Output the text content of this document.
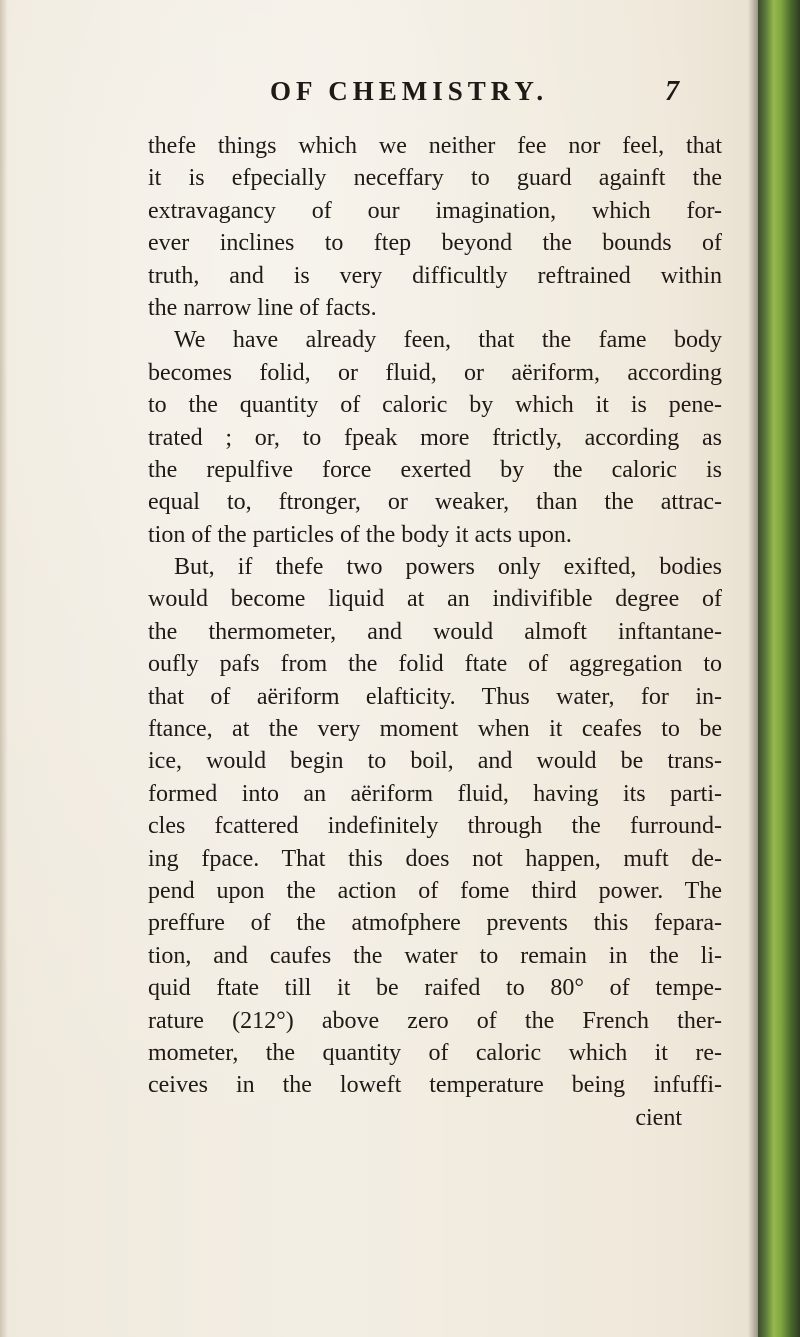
OF CHEMISTRY.	7
thefe things which we neither fee nor feel, that
it is efpecially neceffary to guard againft the
extravagancy of our imagination, which for-
ever inclines to ftep beyond the bounds of
truth, and is very difficultly reftrained within
the narrow line of facts.
We have already feen, that the fame body
becomes folid, or fluid, or aëriform, according
to the quantity of caloric by which it is pene-
trated ; or, to fpeak more ftrictly, according as
the repulfive force exerted by the caloric is
equal to, ftronger, or weaker, than the attrac-
tion of the particles of the body it acts upon.
But, if thefe two powers only exifted, bodies
would become liquid at an indivifible degree of
the thermometer, and would almoft inftantane-
oufly pafs from the folid ftate of aggregation to
that of aëriform elafticity. Thus water, for in-
ftance, at the very moment when it ceafes to be
ice, would begin to boil, and would be trans-
formed into an aëriform fluid, having its parti-
cles fcattered indefinitely through the furround-
ing fpace. That this does not happen, muft de-
pend upon the action of fome third power. The
preffure of the atmofphere prevents this fepara-
tion, and caufes the water to remain in the li-
quid ftate till it be raifed to 80° of tempe-
rature (212°) above zero of the French ther-
mometer, the quantity of caloric which it re-
ceives in the loweft temperature being infuffi-
cient
